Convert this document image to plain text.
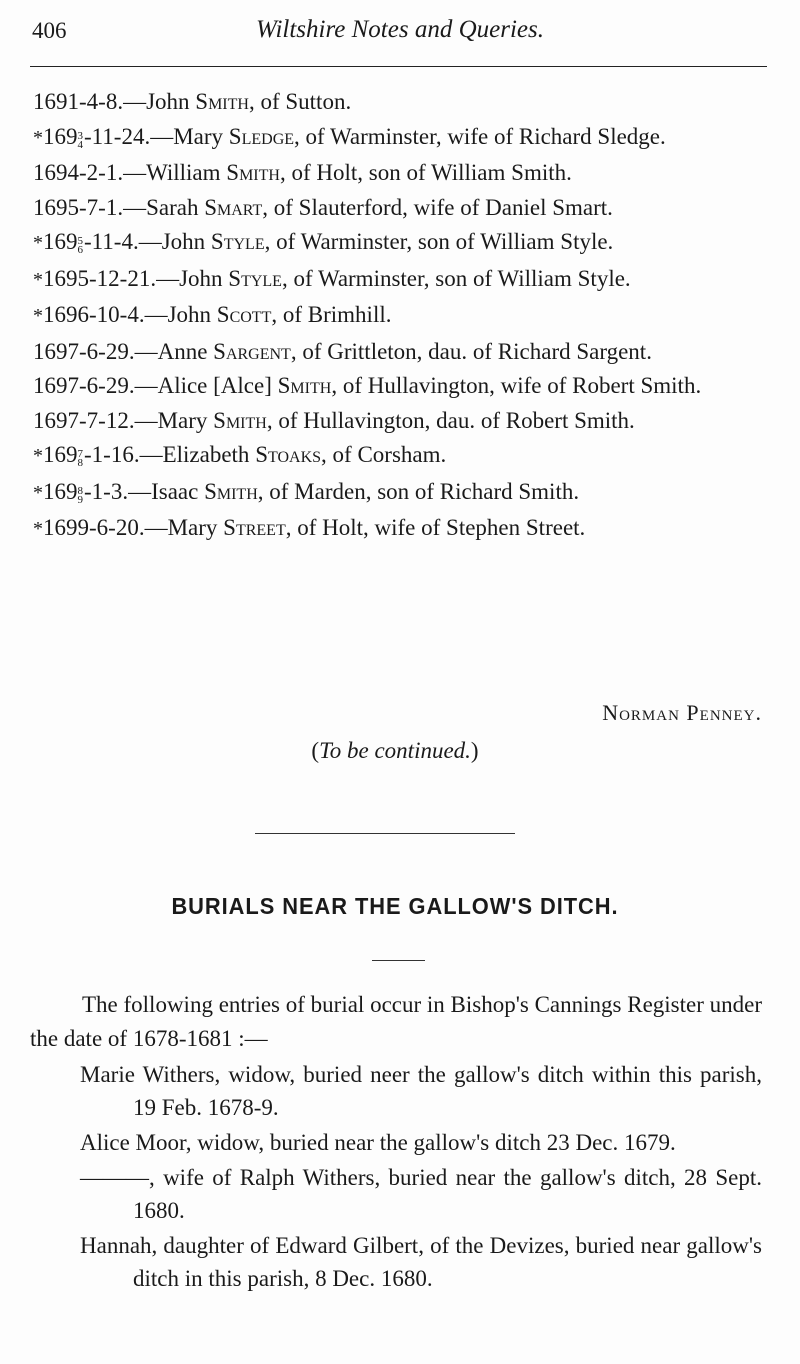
406	Wiltshire Notes and Queries.
1691-4-8.—John Smith, of Sutton.
*169 3
4 -11-24.—Mary Sledge, of Warminster, wife of Richard Sledge.
1694-2-1.—William Smith, of Holt, son of William Smith.
1695-7-1.—Sarah Smart, of Slauterford, wife of Daniel Smart.
*169 5
6 -11-4.—John Style, of Warminster, son of William Style.
*1695-12-21.—John Style, of Warminster, son of William Style.
*1696-10-4.—John Scott, of Brimhill.
1697-6-29.—Anne Sargent, of Grittleton, dau. of Richard Sargent.
1697-6-29.—Alice [Alce] Smith, of Hullavington, wife of Robert Smith.
1697-7-12.—Mary Smith, of Hullavington, dau. of Robert Smith.
*169 7
8 -1-16.—Elizabeth Stoaks, of Corsham.
*169 8
9 -1-3.—Isaac Smith, of Marden, son of Richard Smith.
*1699-6-20.—Mary Street, of Holt, wife of Stephen Street.
Norman Penney.
(To be continued.)
BURIALS NEAR THE GALLOW'S DITCH.
The following entries of burial occur in Bishop's Cannings Register under the date of 1678-1681 :—
Marie Withers, widow, buried neer the gallow's ditch within this parish, 19 Feb. 1678-9.
Alice Moor, widow, buried near the gallow's ditch 23 Dec. 1679.
———, wife of Ralph Withers, buried near the gallow's ditch, 28 Sept. 1680.
Hannah, daughter of Edward Gilbert, of the Devizes, buried near gallow's ditch in this parish, 8 Dec. 1680.
